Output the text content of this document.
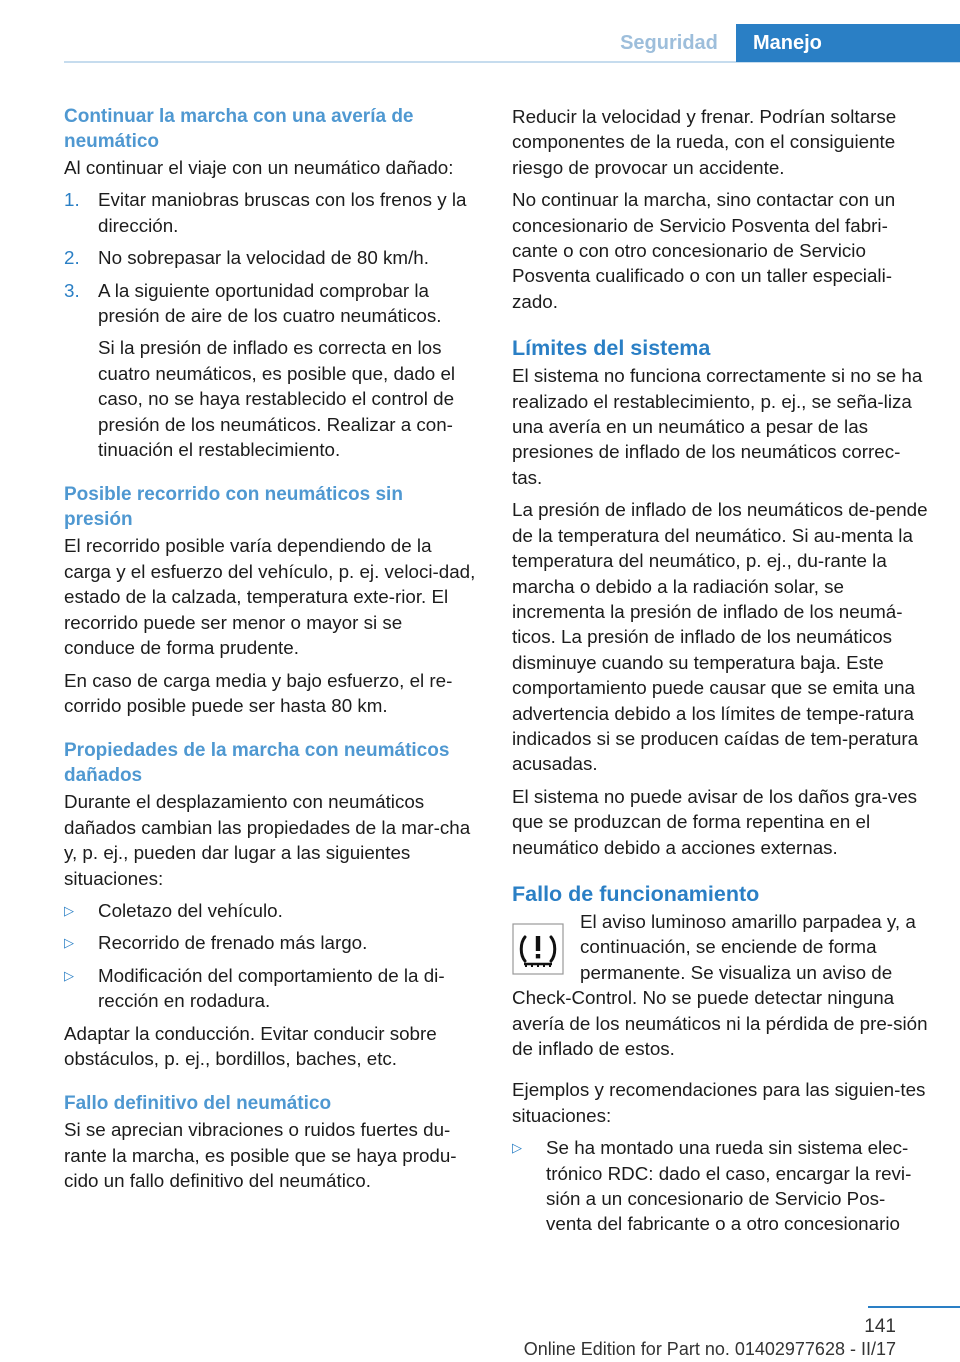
Seguridad	Manejo
Continuar la marcha con una avería de neumático

Al continuar el viaje con un neumático dañado:

1. Evitar maniobras bruscas con los frenos y la dirección.
2. No sobrepasar la velocidad de 80 km/h.
3. A la siguiente oportunidad comprobar la presión de aire de los cuatro neumáticos.

Si la presión de inflado es correcta en los cuatro neumáticos, es posible que, dado el caso, no se haya restablecido el control de presión de los neumáticos. Realizar a con-tinuación el restablecimiento.

Posible recorrido con neumáticos sin presión

El recorrido posible varía dependiendo de la carga y el esfuerzo del vehículo, p. ej. veloci-dad, estado de la calzada, temperatura exte-rior. El recorrido puede ser menor o mayor si se conduce de forma prudente.

En caso de carga media y bajo esfuerzo, el re-corrido posible puede ser hasta 80 km.

Propiedades de la marcha con neumáticos dañados

Durante el desplazamiento con neumáticos dañados cambian las propiedades de la mar-cha y, p. ej., pueden dar lugar a las siguientes situaciones:

▷ Coletazo del vehículo.
▷ Recorrido de frenado más largo.
▷ Modificación del comportamiento de la di-rección en rodadura.

Adaptar la conducción. Evitar conducir sobre obstáculos, p. ej., bordillos, baches, etc.

Fallo definitivo del neumático

Si se aprecian vibraciones o ruidos fuertes du-rante la marcha, es posible que se haya produ-cido un fallo definitivo del neumático.

Reducir la velocidad y frenar. Podrían soltarse componentes de la rueda, con el consiguiente riesgo de provocar un accidente.

No continuar la marcha, sino contactar con un concesionario de Servicio Posventa del fabri-cante o con otro concesionario de Servicio Posventa cualificado o con un taller especiali-zado.

Límites del sistema

El sistema no funciona correctamente si no se ha realizado el restablecimiento, p. ej., se seña-liza una avería en un neumático a pesar de las presiones de inflado de los neumáticos correc-tas.

La presión de inflado de los neumáticos de-pende de la temperatura del neumático. Si au-menta la temperatura del neumático, p. ej., du-rante la marcha o debido a la radiación solar, se incrementa la presión de inflado de los neumá-ticos. La presión de inflado de los neumáticos disminuye cuando su temperatura baja. Este comportamiento puede causar que se emita una advertencia debido a los límites de tempe-ratura indicados si se producen caídas de tem-peratura acusadas.

El sistema no puede avisar de los daños gra-ves que se produzcan de forma repentina en el neumático debido a acciones externas.

Fallo de funcionamiento

El aviso luminoso amarillo parpadea y, a continuación, se enciende de forma permanente. Se visualiza un aviso de Check-Control. No se puede detectar ninguna avería de los neumáticos ni la pérdida de pre-sión de inflado de estos.

Ejemplos y recomendaciones para las siguien-tes situaciones:

▷ Se ha montado una rueda sin sistema elec-trónico RDC: dado el caso, encargar la revi-sión a un concesionario de Servicio Pos-venta del fabricante o a otro concesionario
141
Online Edition for Part no. 01402977628 - II/17
